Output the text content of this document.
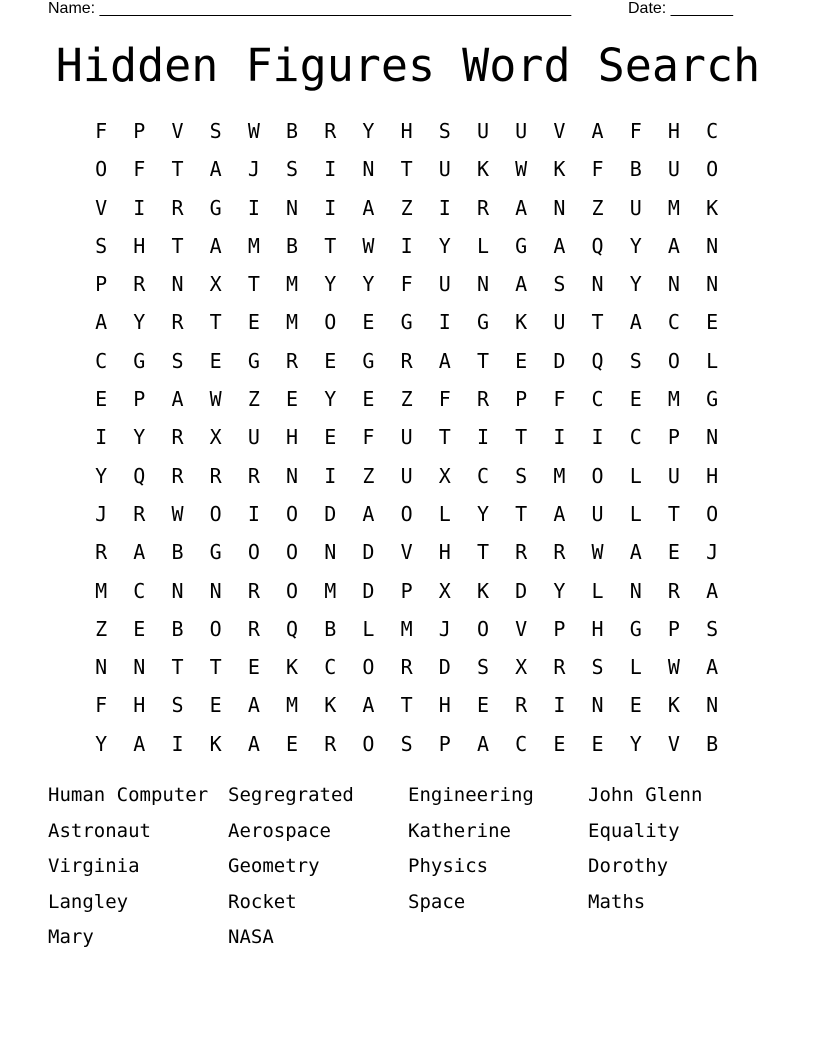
Name: _____________________________________________________	Date: _______
Hidden Figures Word Search
F	P	V	S	W	B	R	Y	H	S	U	U	V	A	F	H	C
O	F	T	A	J	S	I	N	T	U	K	W	K	F	B	U	O
V	I	R	G	I	N	I	A	Z	I	R	A	N	Z	U	M	K
S	H	T	A	M	B	T	W	I	Y	L	G	A	Q	Y	A	N
P	R	N	X	T	M	Y	Y	F	U	N	A	S	N	Y	N	N
A	Y	R	T	E	M	O	E	G	I	G	K	U	T	A	C	E
C	G	S	E	G	R	E	G	R	A	T	E	D	Q	S	O	L
E	P	A	W	Z	E	Y	E	Z	F	R	P	F	C	E	M	G
I	Y	R	X	U	H	E	F	U	T	I	T	I	I	C	P	N
Y	Q	R	R	R	N	I	Z	U	X	C	S	M	O	L	U	H
J	R	W	O	I	O	D	A	O	L	Y	T	A	U	L	T	O
R	A	B	G	O	O	N	D	V	H	T	R	R	W	A	E	J
M	C	N	N	R	O	M	D	P	X	K	D	Y	L	N	R	A
Z	E	B	O	R	Q	B	L	M	J	O	V	P	H	G	P	S
N	N	T	T	E	K	C	O	R	D	S	X	R	S	L	W	A
F	H	S	E	A	M	K	A	T	H	E	R	I	N	E	K	N
Y	A	I	K	A	E	R	O	S	P	A	C	E	E	Y	V	B
Human Computer	Segregrated	Engineering	John Glenn
Astronaut	Aerospace	Katherine	Equality
Virginia	Geometry	Physics	Dorothy
Langley	Rocket	Space	Maths
Mary	NASA
